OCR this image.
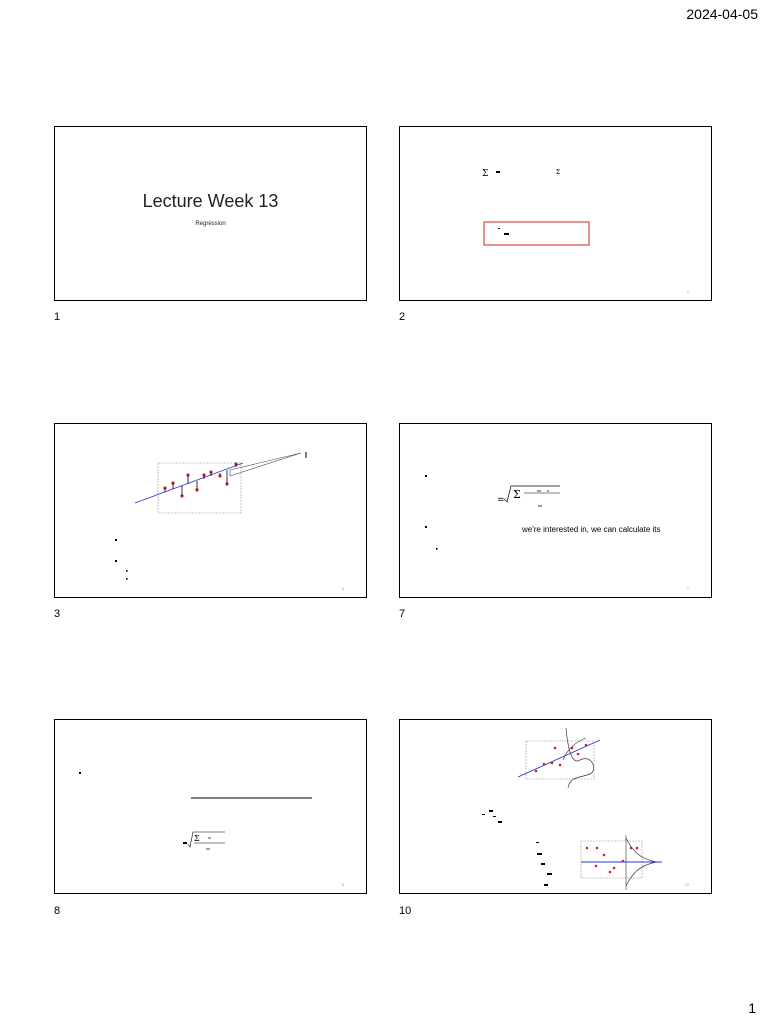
2024-04-05
Lecture Week 13
Regression
1
Σ	Σ
2
2
3
3
= Σ
we're interested in, we can calculate its
7
7
Σ
8
8
10
10
1
